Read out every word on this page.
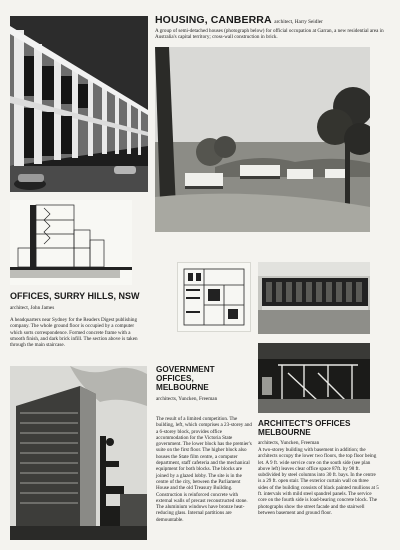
HOUSING, CANBERRA architect, Harry Seidler
A group of semi-detached houses (photograph below) for official occupation at Garran, a new residential area in Australia's capital territory; cross-wall construction in brick.
OFFICES, SURRY HILLS, NSW
architect, John James
A headquarters near Sydney for the Readers Digest publishing company. The whole ground floor is occupied by a computer which sorts correspondence. Formed concrete frame with a smooth finish, and dark brick infill. The section above is taken through the main staircase.
GOVERNMENT
OFFICES,
MELBOURNE
architects, Yuncken, Freeman
The result of a limited competition. The building, left, which comprises a 23-storey and a 6-storey block, provides office accommodation for the Victoria State government. The lower block has the premier's suite on the first floor. The higher block also houses the State film centre, a computer department, staff cafeteria and the mechanical equipment for both blocks. The blocks are joined by a glazed lobby. The site is in the centre of the city, between the Parliament House and the old Treasury Building. Construction is reinforced concrete with external walls of precast reconstructed stone. The aluminium windows have bronze heat-reducing glass. Internal partitions are demountable.
ARCHITECT'S OFFICES
MELBOURNE
architects, Yuncken, Freeman
A two-storey building with basement in addition; the architects occupy the lower two floors, the top floor being let. A 9 ft. wide service core on the south side (see plan above left) leaves clear office space 87ft. by 98 ft. subdivided by steel columns into 30 ft. bays. In the centre is a 29 ft. open stair. The exterior curtain wall on three sides of the building consists of black painted mullions at 5 ft. intervals with mild steel spandrel panels. The service core on the fourth side is load-bearing concrete block. The photographs show the street facade and the stairwell between basement and ground floor.
